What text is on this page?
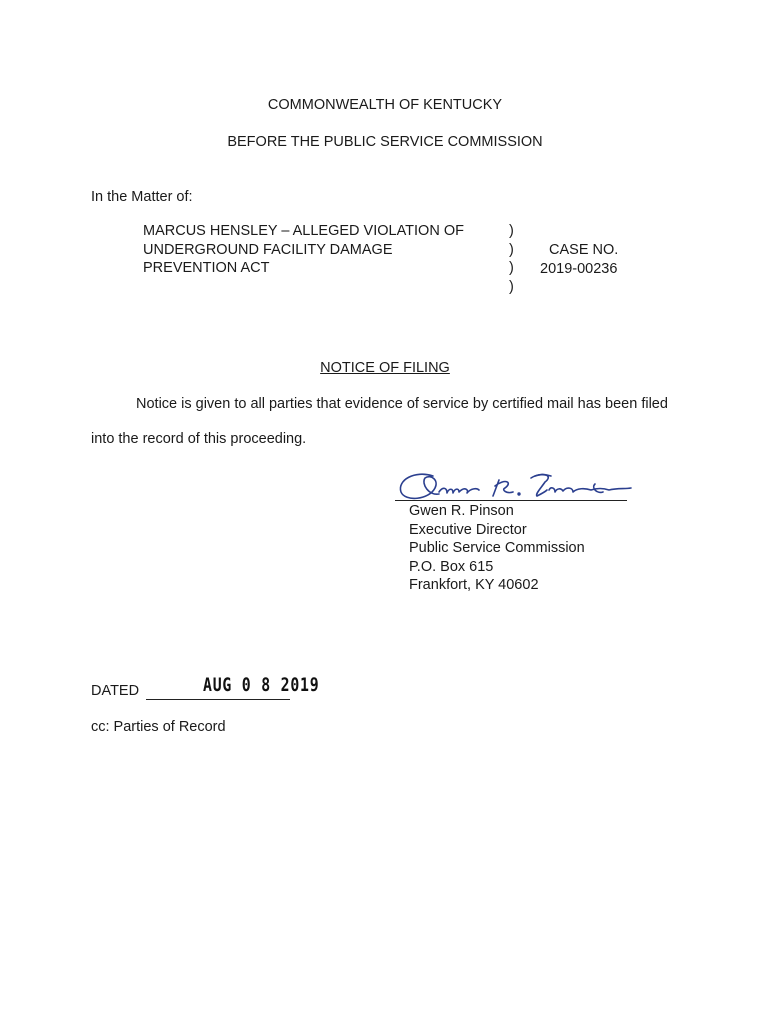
COMMONWEALTH OF KENTUCKY
BEFORE THE PUBLIC SERVICE COMMISSION
In the Matter of:
MARCUS HENSLEY – ALLEGED VIOLATION OF
UNDERGROUND FACILITY DAMAGE
PREVENTION ACT
)
)
)
)
CASE NO.
2019-00236
NOTICE OF FILING
Notice is given to all parties that evidence of service by certified mail has been filed
into the record of this proceeding.
Gwen R. Pinson
Executive Director
Public Service Commission
P.O. Box 615
Frankfort, KY 40602
DATED	AUG 0 8 2019
cc: Parties of Record
